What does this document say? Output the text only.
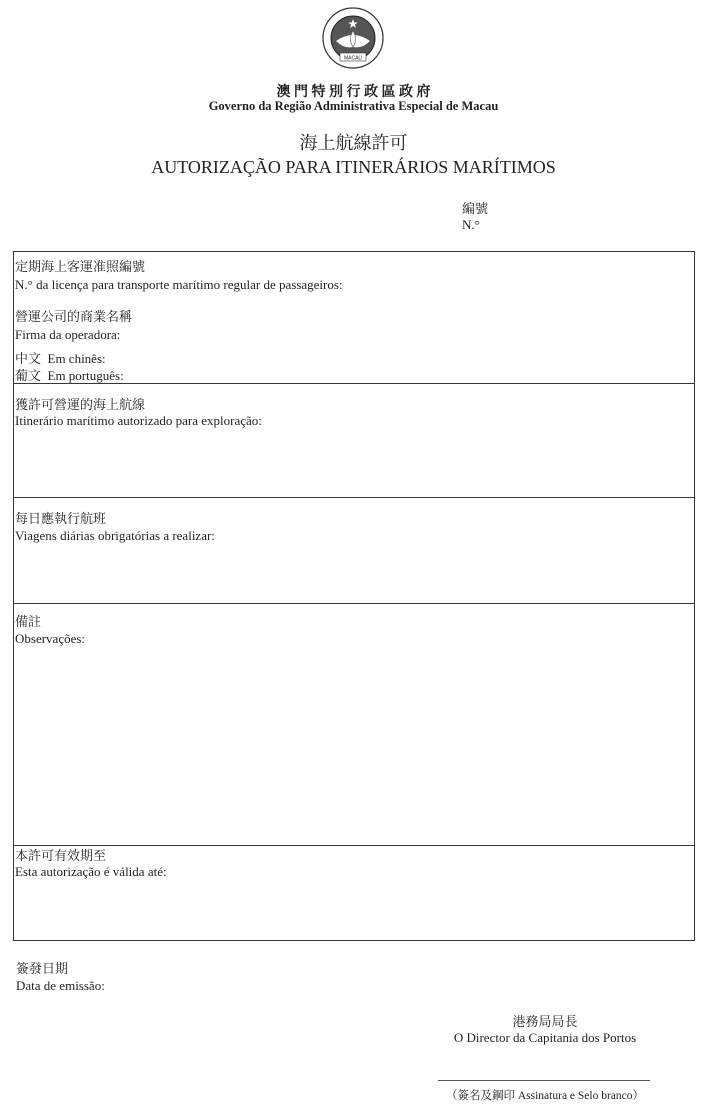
MACAU
澳 門 特 別 行 政 區 政 府
Governo da Região Administrativa Especial de Macau
海上航線許可
AUTORIZAÇÃO PARA ITINERÁRIOS MARÍTIMOS
編號
N.°
定期海上客運准照編號
N.° da licença para transporte marítimo regular de passageiros:
營運公司的商業名稱
Firma da operadora:
中文  Em chinês:
葡文  Em português:
獲許可營運的海上航線
Itinerário marítimo autorizado para exploração:
每日應執行航班
Viagens diárias obrigatórias a realizar:
備註
Observações:
本許可有效期至
Esta autorização é válida até:
簽發日期
Data de emissão:
港務局局長
O Director da Capitania dos Portos
（簽名及鋼印 Assinatura e Selo branco）
